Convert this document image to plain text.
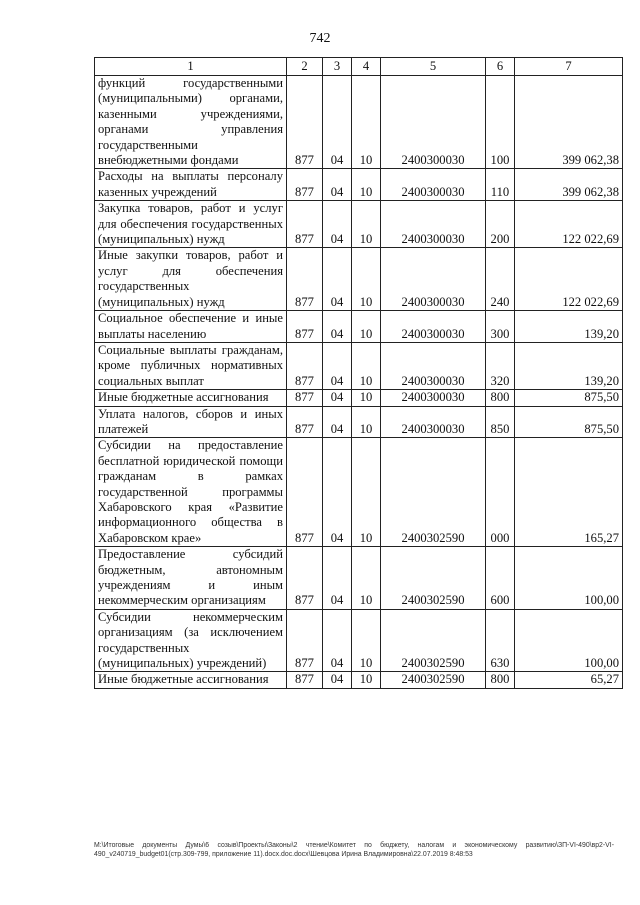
742
1	2	3	4	5	6	7
функций государственными (муниципальными) органами, казенными учреждениями, органами управления государственными внебюджетными фондами	877	04	10	2400300030	100	399 062,38
Расходы на выплаты персоналу казенных учреждений	877	04	10	2400300030	110	399 062,38
Закупка товаров, работ и услуг для обеспечения государственных (муниципальных) нужд	877	04	10	2400300030	200	122 022,69
Иные закупки товаров, работ и услуг для обеспечения государственных (муниципальных) нужд	877	04	10	2400300030	240	122 022,69
Социальное обеспечение и иные выплаты населению	877	04	10	2400300030	300	139,20
Социальные выплаты гражданам, кроме публичных нормативных социальных выплат	877	04	10	2400300030	320	139,20
Иные бюджетные ассигнования	877	04	10	2400300030	800	875,50
Уплата налогов, сборов и иных платежей	877	04	10	2400300030	850	875,50
Субсидии на предоставление бесплатной юридической помощи гражданам в рамках государственной программы Хабаровского края «Развитие информационного общества в Хабаровском крае»	877	04	10	2400302590	000	165,27
Предоставление субсидий бюджетным, автономным учреждениям и иным некоммерческим организациям	877	04	10	2400302590	600	100,00
Субсидии некоммерческим организациям (за исключением государственных (муниципальных) учреждений)	877	04	10	2400302590	630	100,00
Иные бюджетные ассигнования	877	04	10	2400302590	800	65,27
M:\Итоговые документы Думы\6 созыв\Проекты\Законы\2 чтение\Комитет по бюджету, налогам и экономическому развитию\ЗП-VI-490\вр2-VI-490_v240719_budget01(стр.309-799, приложение 11).docx.doc.docx\Шевцова Ирина Владимировна\22.07.2019 8:48:53
